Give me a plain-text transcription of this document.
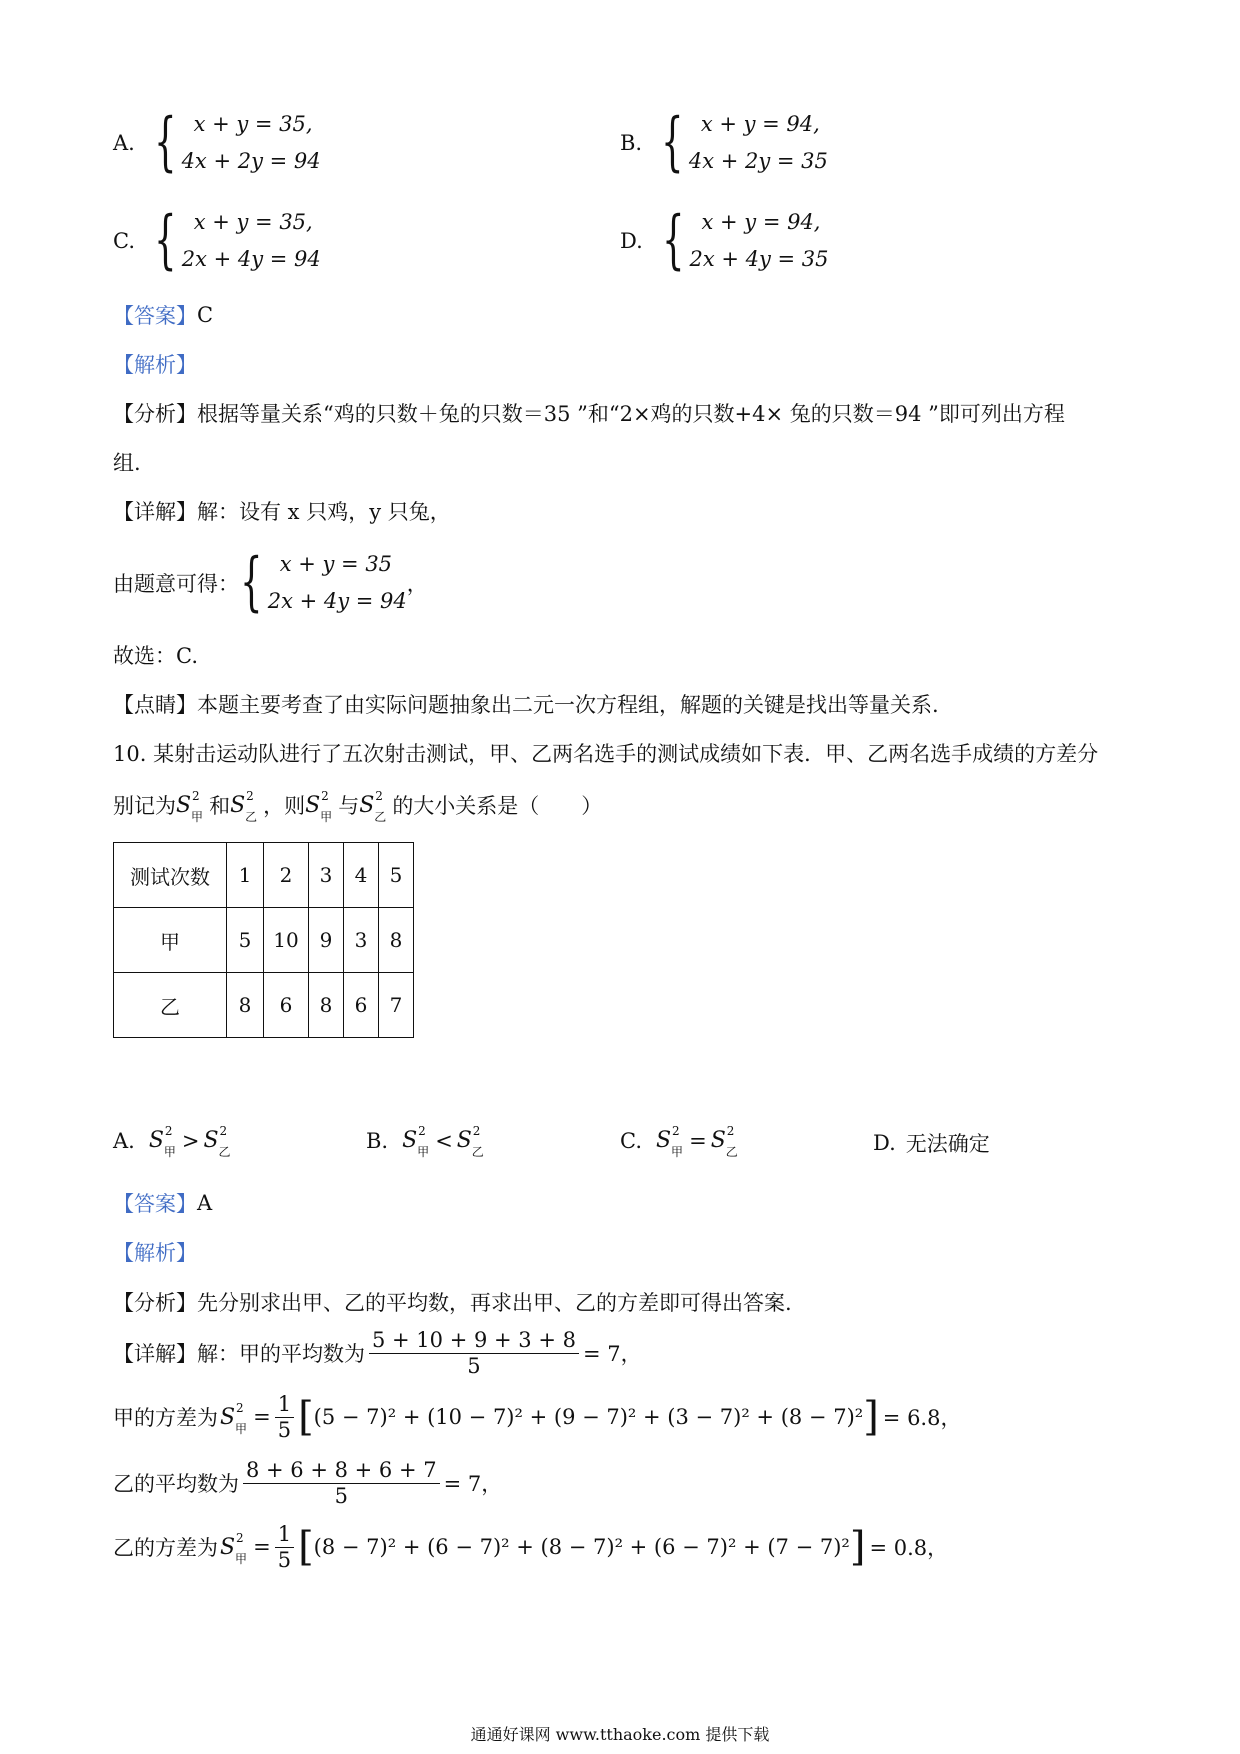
A. { x + y = 35,
4x + 2y = 94
B. { x + y = 94,
4x + 2y = 35
C. { x + y = 35,
2x + 4y = 94
D. { x + y = 94,
2x + 4y = 35
【答案】 C
【解析】
【分析】 根据等量关系“鸡的只数＋兔的只数＝35 ”和“2×鸡的只数+4× 兔的只数＝94 ”即可列出方程
组.
【详解】 解：设有 x 只鸡，y 只兔，
由题意可得： { x + y = 35
2x + 4y = 94
，
故选：C.
【点睛】 本题主要考查了由实际问题抽象出二元一次方程组，解题的关键是找出等量关系.
10. 某射击运动队进行了五次射击测试，甲、乙两名选手的测试成绩如下表．甲、乙两名选手成绩的方差分
别记为 S 2
甲 和 S 2
乙 ，则 S 2
甲 与 S 2
乙 的大小关系是（　　）
测试次数	1	2	3	4	5
甲	5	10	9	3	8
乙	8	6	8	6	7
A. S 2
甲 > S 2
乙	B. S 2
甲 < S 2
乙	C. S 2
甲 = S 2
乙	D. 无法确定
【答案】 A
【解析】
【分析】 先分别求出甲、乙的平均数，再求出甲、乙的方差即可得出答案.
【详解】 解：甲的平均数为 $\frac{5 + 10 + 9 + 3 + 8}{5} = 7$，
甲的方差为 S 2
甲 = $\frac{1}{5}$ [ (5 − 7)² + (10 − 7)² + (9 − 7)² + (3 − 7)² + (8 − 7)² ] = 6.8，
乙的平均数为 $\frac{8 + 6 + 8 + 6 + 7}{5} = 7$，
乙的方差为 S 2
甲 = $\frac{1}{5}$ [ (8 − 7)² + (6 − 7)² + (8 − 7)² + (6 − 7)² + (7 − 7)² ] = 0.8，
通通好课网 www.tthaoke.com 提供下载
